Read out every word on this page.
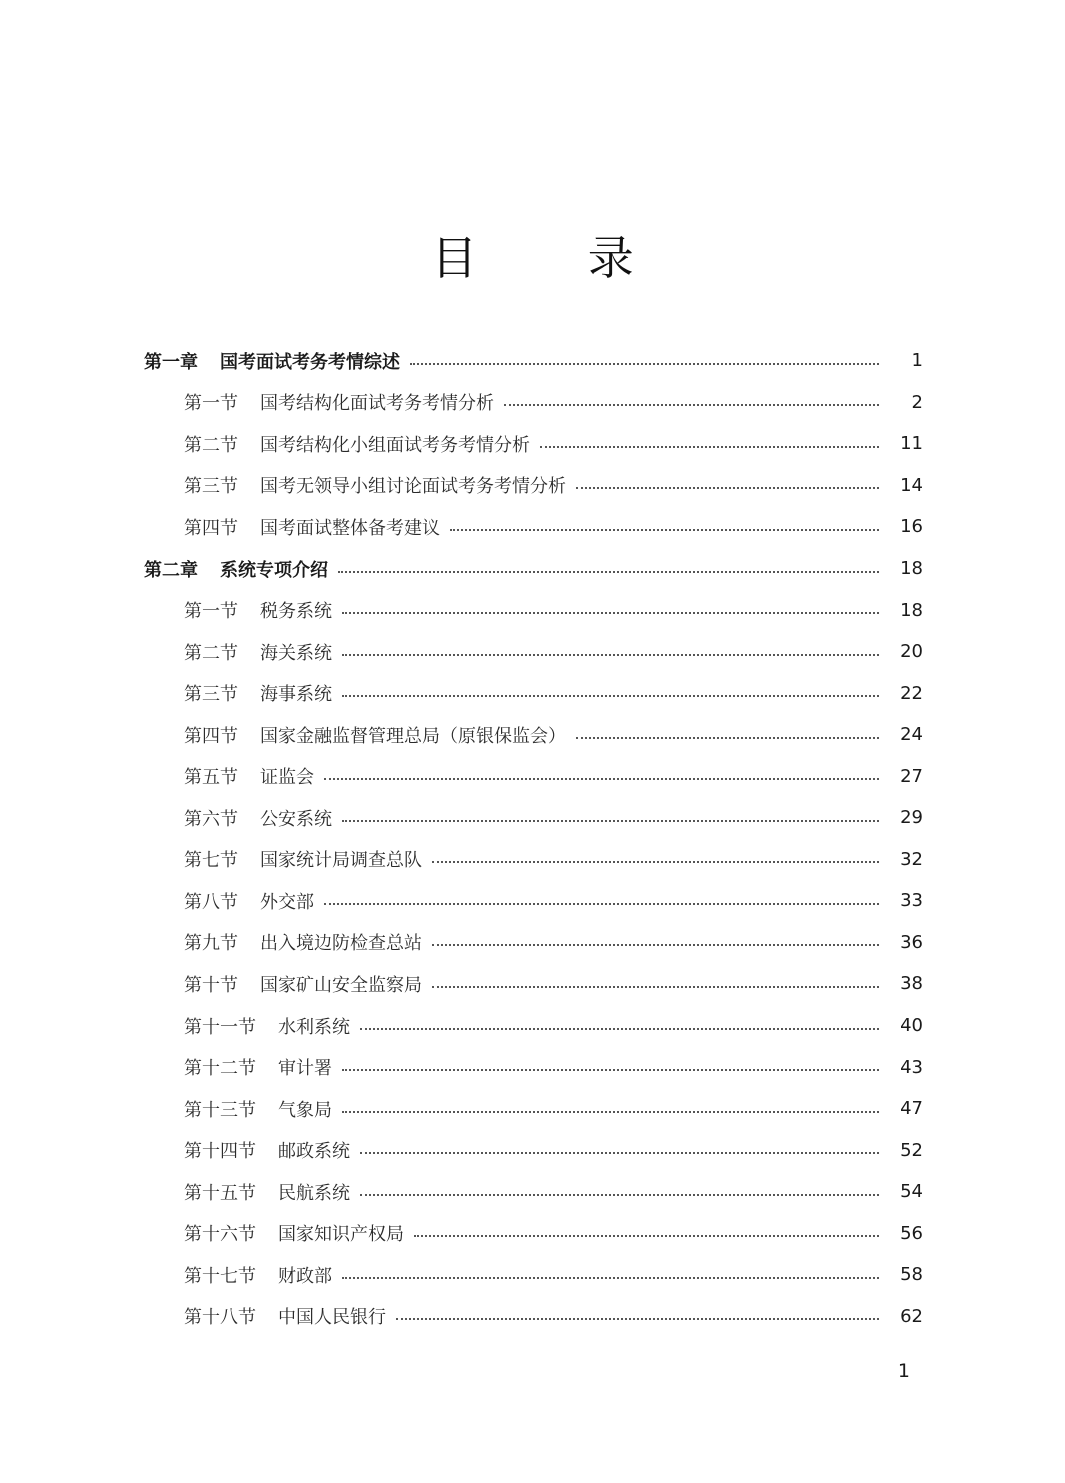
目 录
第一章 国考面试考务考情综述	1
第一节 国考结构化面试考务考情分析	2
第二节 国考结构化小组面试考务考情分析	11
第三节 国考无领导小组讨论面试考务考情分析	14
第四节 国考面试整体备考建议	16
第二章 系统专项介绍	18
第一节 税务系统	18
第二节 海关系统	20
第三节 海事系统	22
第四节 国家金融监督管理总局（原银保监会）	24
第五节 证监会	27
第六节 公安系统	29
第七节 国家统计局调查总队	32
第八节 外交部	33
第九节 出入境边防检查总站	36
第十节 国家矿山安全监察局	38
第十一节 水利系统	40
第十二节 审计署	43
第十三节 气象局	47
第十四节 邮政系统	52
第十五节 民航系统	54
第十六节 国家知识产权局	56
第十七节 财政部	58
第十八节 中国人民银行	62
1
